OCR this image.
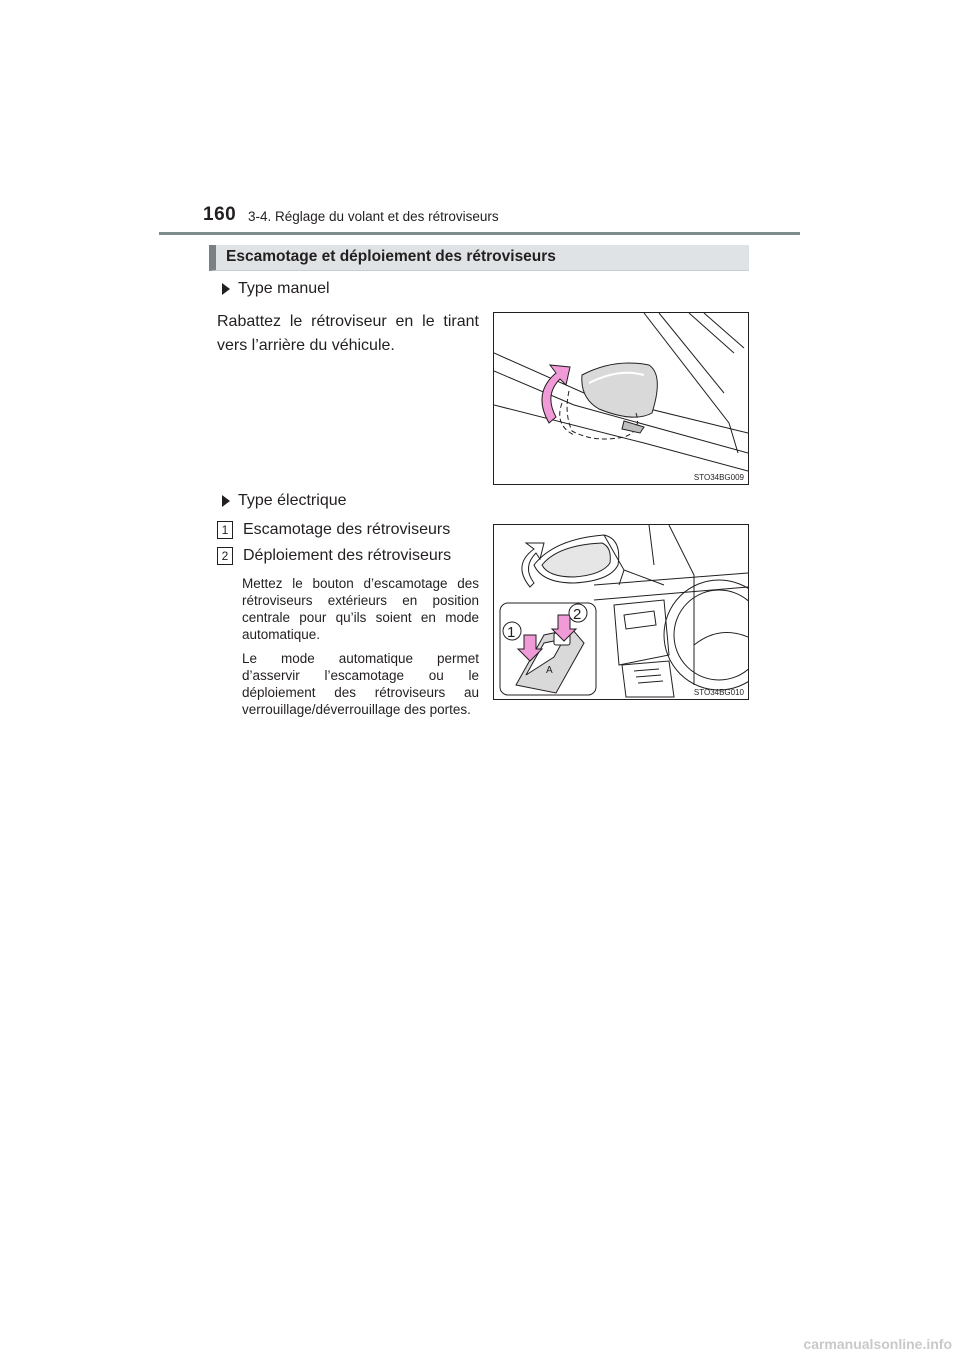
160 3-4. Réglage du volant et des rétroviseurs
Escamotage et déploiement des rétroviseurs
Type manuel
Rabattez le rétroviseur en le tirant vers l’arrière du véhicule.
STO34BG009
Type électrique
1 Escamotage des rétroviseurs
2 Déploiement des rétroviseurs
Mettez le bouton d’escamotage des rétroviseurs extérieurs en position centrale pour qu’ils soient en mode automatique.
Le mode automatique permet d’asservir l’escamotage ou le déploiement des rétroviseurs au verrouillage/déverrouillage des portes.
A
1
2
STO34BG010
carmanualsonline.info
